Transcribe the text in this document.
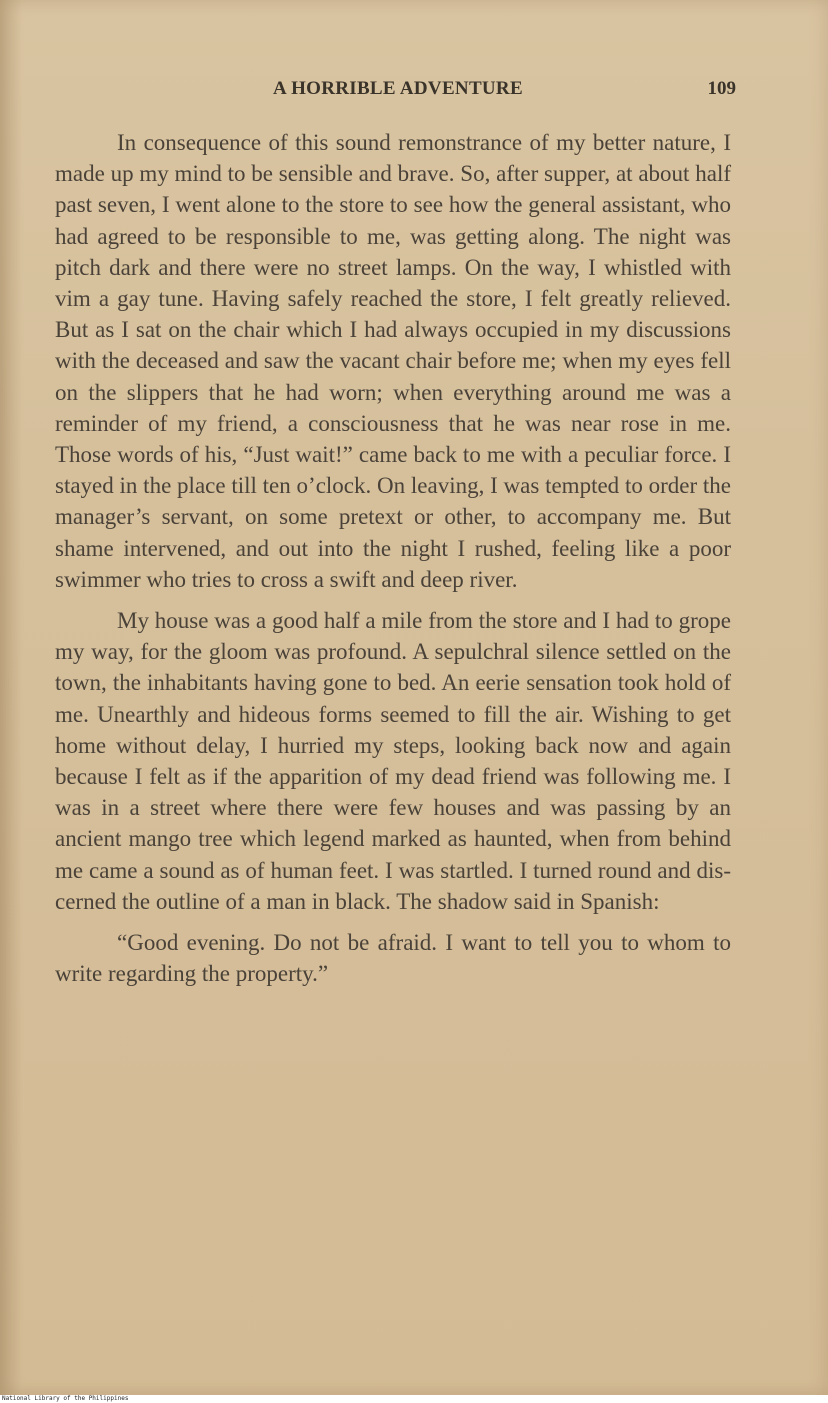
A HORRIBLE ADVENTURE	109

In consequence of this sound remonstrance of my better nature, I made up my mind to be sensible and brave. So, after supper, at about half past seven, I went alone to the store to see how the general assistant, who had agreed to be responsible to me, was getting along. The night was pitch dark and there were no street lamps. On the way, I whistled with vim a gay tune. Having safely reached the store, I felt greatly relieved. But as I sat on the chair which I had always occupied in my discussions with the deceased and saw the vacant chair before me; when my eyes fell on the slippers that he had worn; when everything around me was a reminder of my friend, a consciousness that he was near rose in me. Those words of his, “Just wait!” came back to me with a peculiar force. I stayed in the place till ten o’clock. On leaving, I was tempted to order the manager’s servant, on some pretext or other, to accompany me. But shame intervened, and out into the night I rushed, feeling like a poor swimmer who tries to cross a swift and deep river.

My house was a good half a mile from the store and I had to grope my way, for the gloom was profound. A sepulchral silence settled on the town, the inhabitants having gone to bed. An eerie sensation took hold of me. Unearthly and hideous forms seemed to fill the air. Wishing to get home without delay, I hurried my steps, looking back now and again because I felt as if the apparition of my dead friend was following me. I was in a street where there were few houses and was passing by an ancient mango tree which legend marked as haunted, when from behind me came a sound as of human feet. I was startled. I turned round and discerned the outline of a man in black. The shadow said in Spanish:

“Good evening. Do not be afraid. I want to tell you to whom to write regarding the property.”

National Library of the Philippines
